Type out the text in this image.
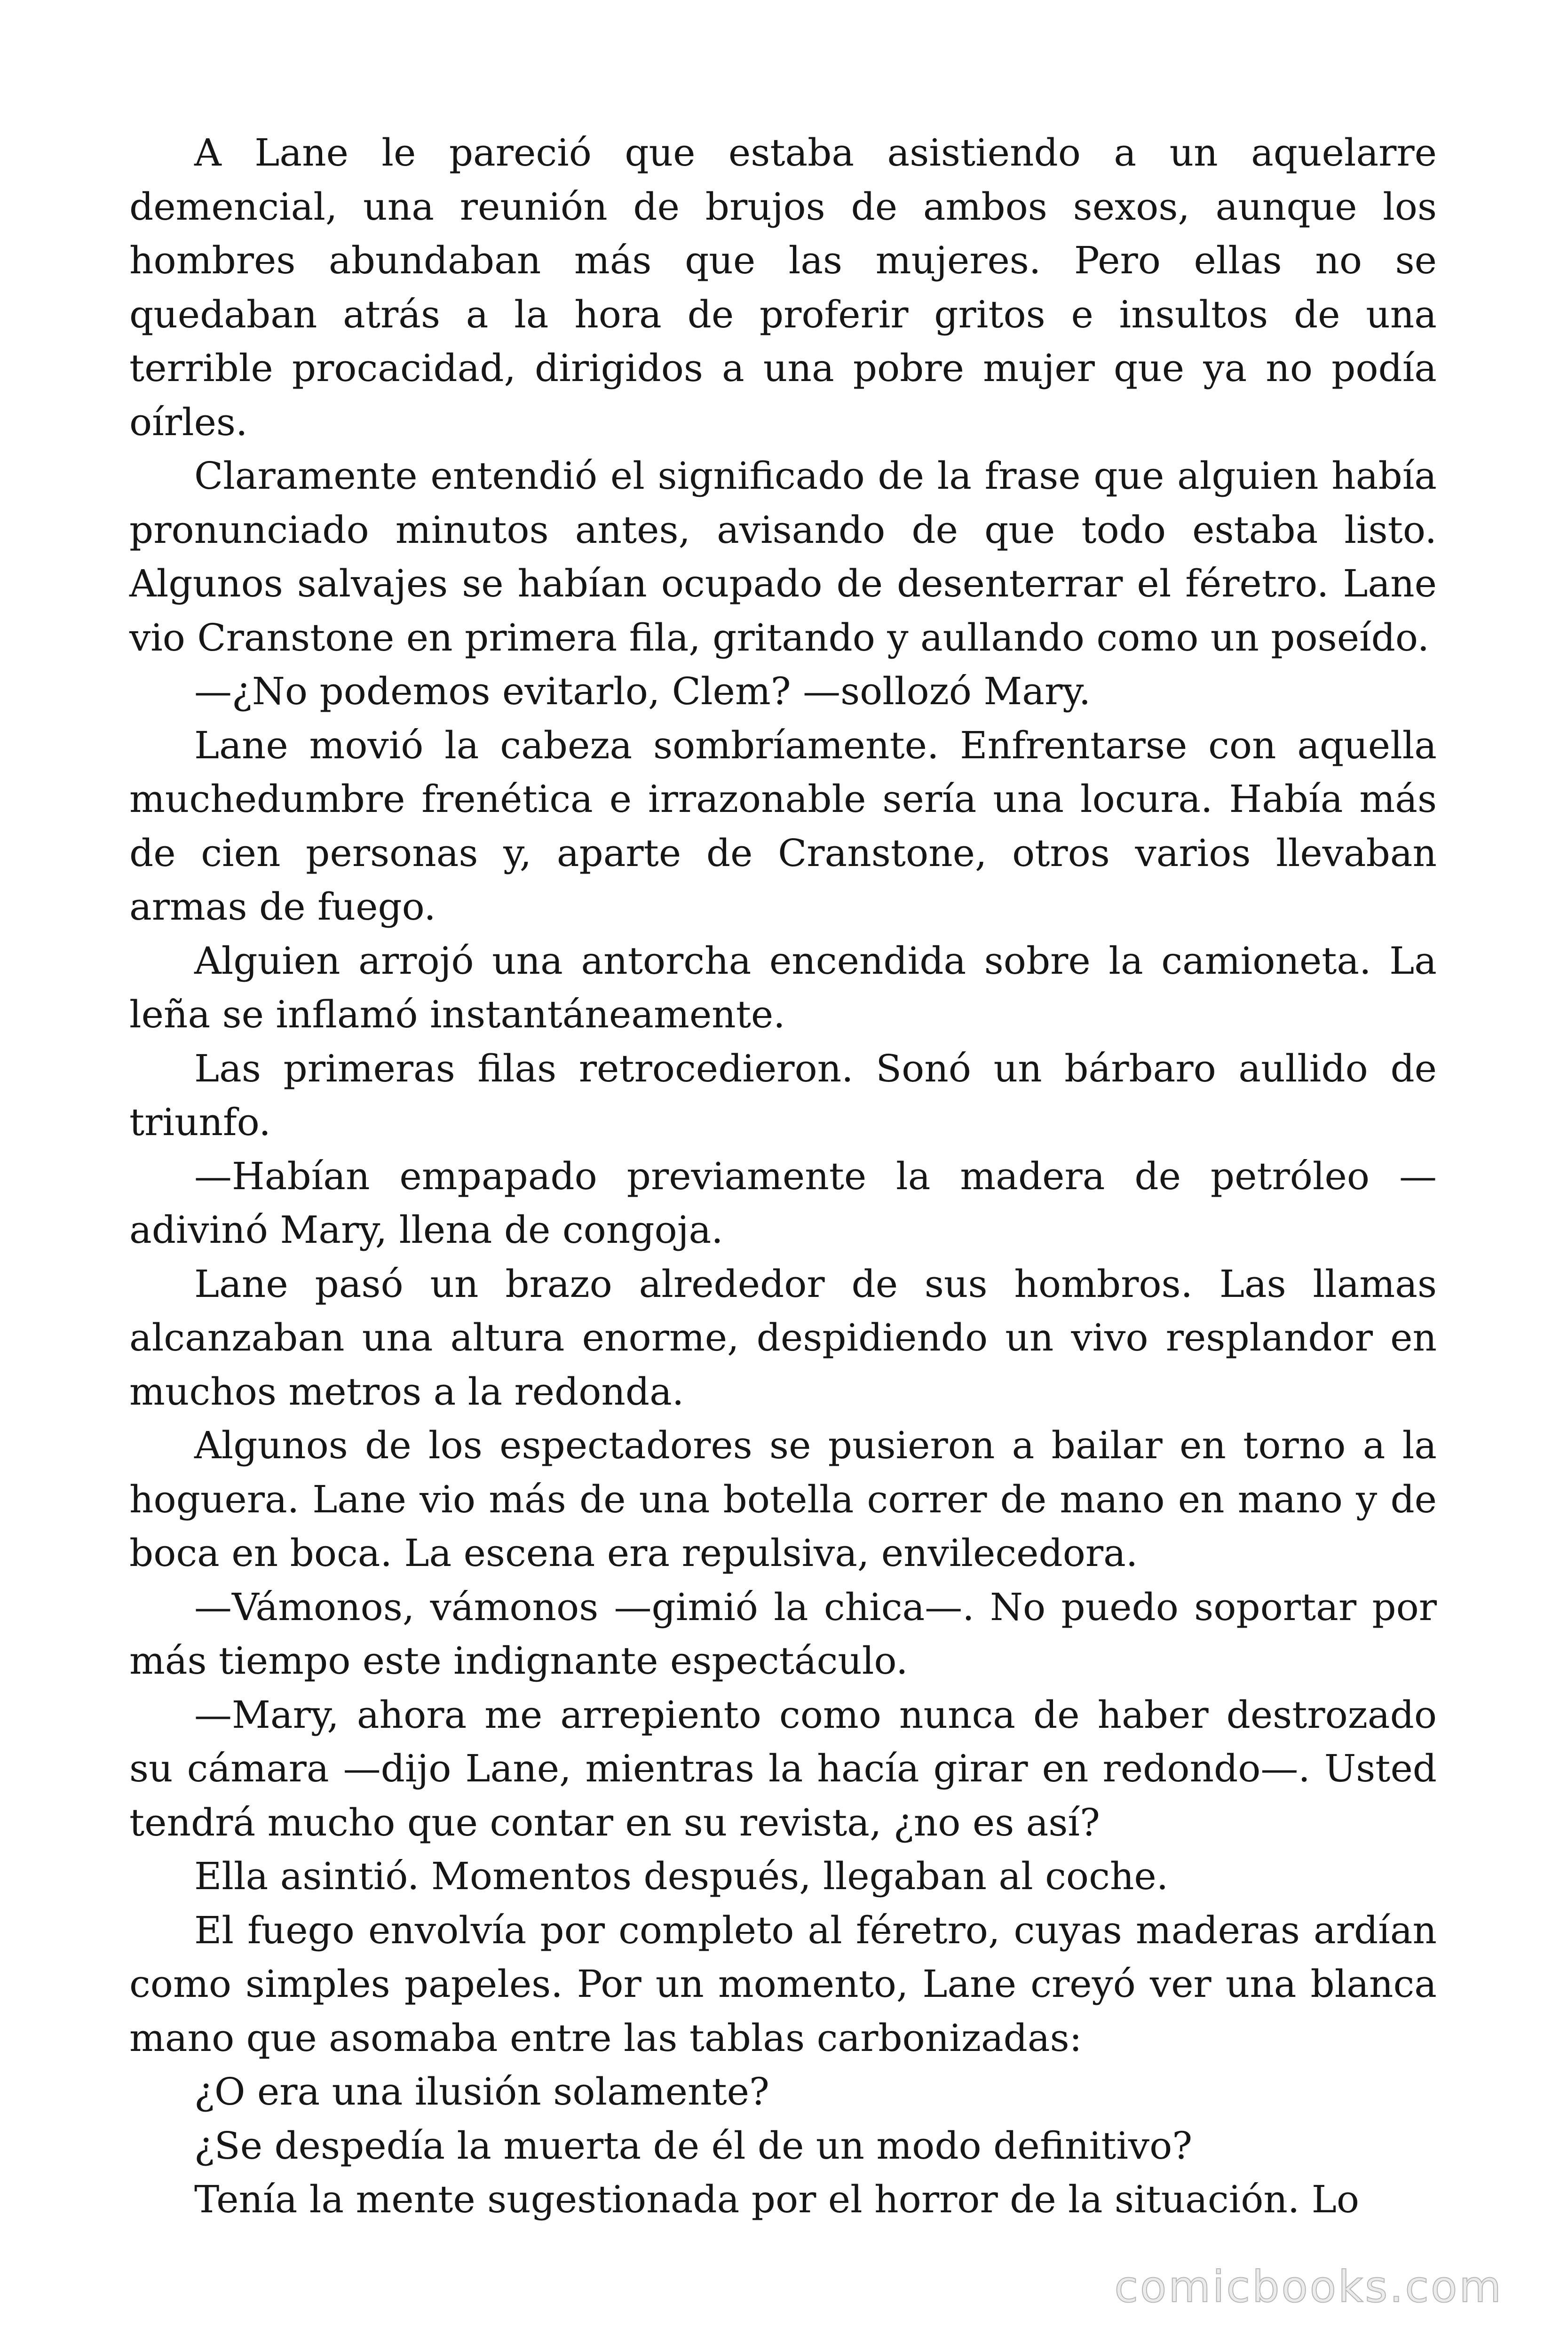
A Lane le pareció que estaba asistiendo a un aquelarre demencial, una reunión de brujos de ambos sexos, aunque los hombres abundaban más que las mujeres. Pero ellas no se quedaban atrás a la hora de proferir gritos e insultos de una terrible procacidad, dirigidos a una pobre mujer que ya no podía oírles.

Claramente entendió el significado de la frase que alguien había pronunciado minutos antes, avisando de que todo estaba listo. Algunos salvajes se habían ocupado de desenterrar el féretro. Lane vio Cranstone en primera fila, gritando y aullando como un poseído.

—¿No podemos evitarlo, Clem? —sollozó Mary.

Lane movió la cabeza sombríamente. Enfrentarse con aquella muchedumbre frenética e irrazonable sería una locura. Había más de cien personas y, aparte de Cranstone, otros varios llevaban armas de fuego.

Alguien arrojó una antorcha encendida sobre la camioneta. La leña se inflamó instantáneamente.

Las primeras filas retrocedieron. Sonó un bárbaro aullido de triunfo.

—Habían empapado previamente la madera de petróleo —adivinó Mary, llena de congoja.

Lane pasó un brazo alrededor de sus hombros. Las llamas alcanzaban una altura enorme, despidiendo un vivo resplandor en muchos metros a la redonda.

Algunos de los espectadores se pusieron a bailar en torno a la hoguera. Lane vio más de una botella correr de mano en mano y de boca en boca. La escena era repulsiva, envilecedora.

—Vámonos, vámonos —gimió la chica—. No puedo soportar por más tiempo este indignante espectáculo.

—Mary, ahora me arrepiento como nunca de haber destrozado su cámara —dijo Lane, mientras la hacía girar en redondo—. Usted tendrá mucho que contar en su revista, ¿no es así?

Ella asintió. Momentos después, llegaban al coche.

El fuego envolvía por completo al féretro, cuyas maderas ardían como simples papeles. Por un momento, Lane creyó ver una blanca mano que asomaba entre las tablas carbonizadas:

¿O era una ilusión solamente?

¿Se despedía la muerta de él de un modo definitivo?

Tenía la mente sugestionada por el horror de la situación. Lo

comicbooks.com
